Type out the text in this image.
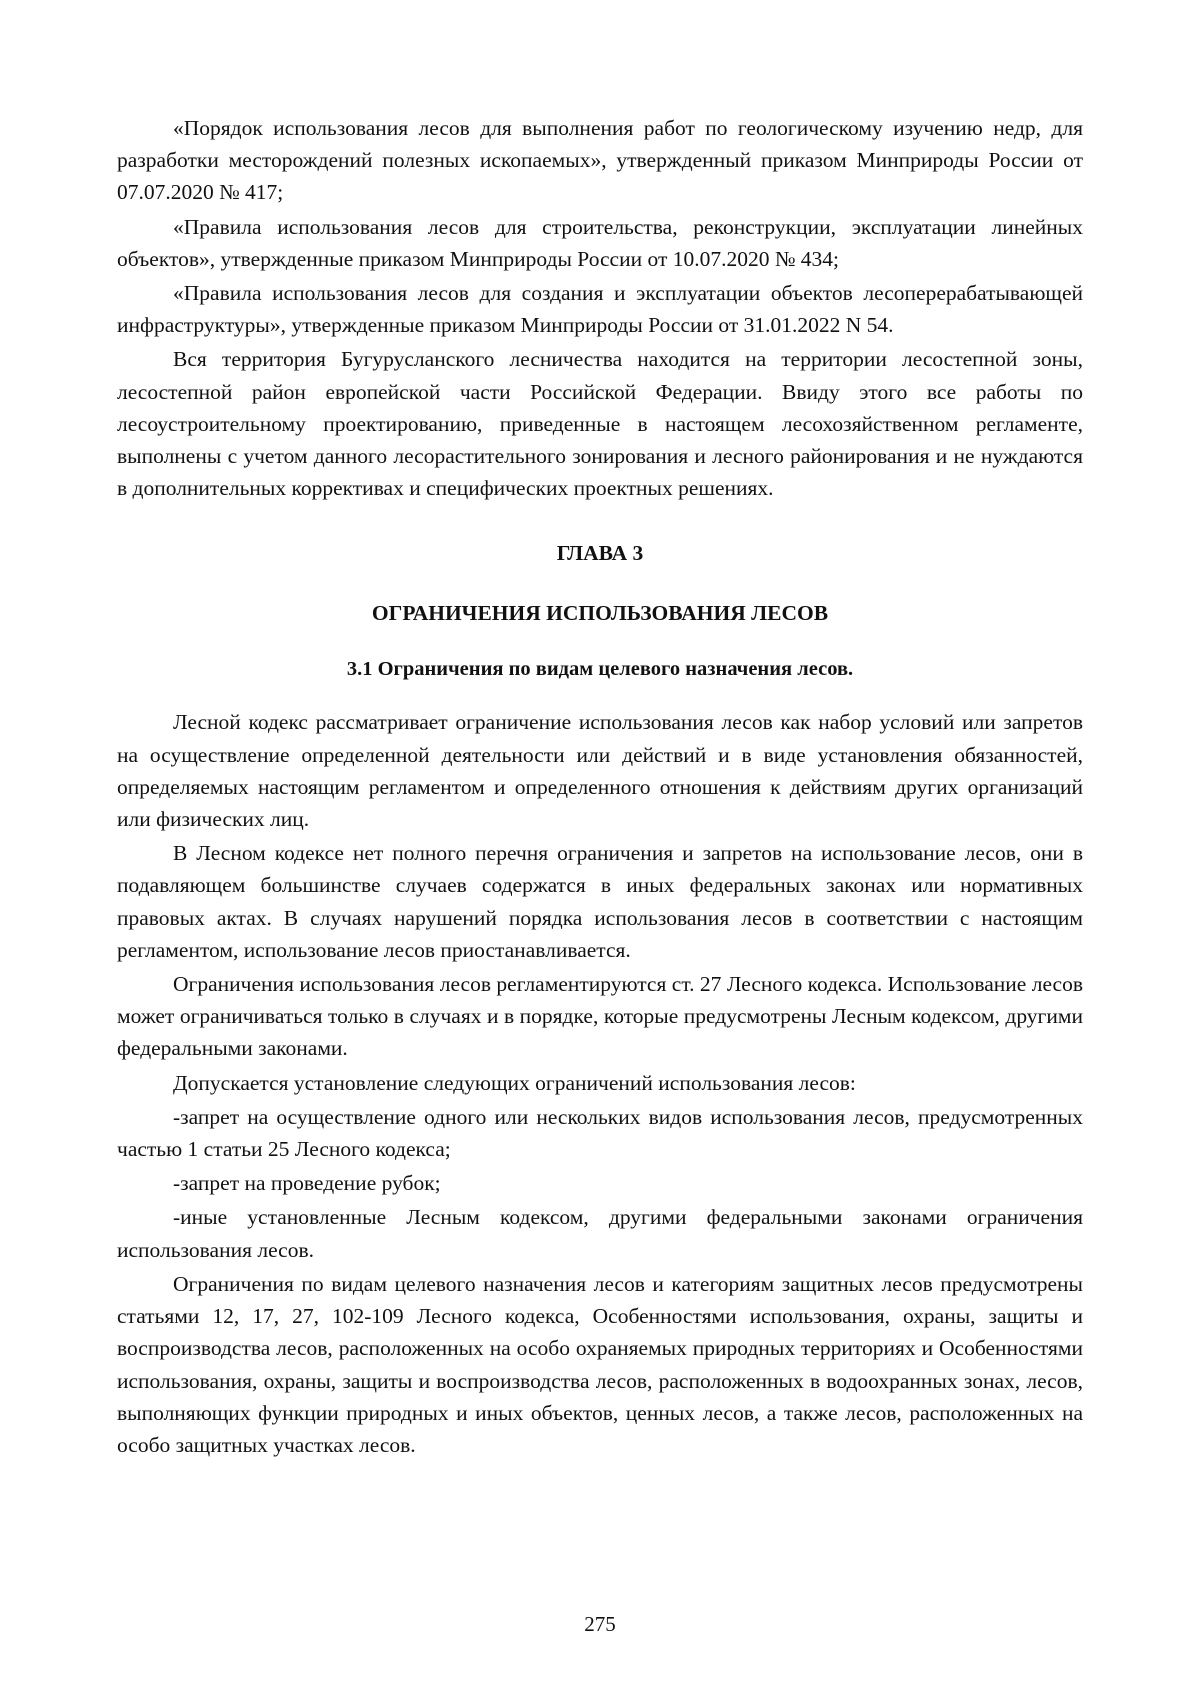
«Порядок использования лесов для выполнения работ по геологическому изучению недр, для разработки месторождений полезных ископаемых», утвержденный приказом Минприроды России от 07.07.2020 № 417;

«Правила использования лесов для строительства, реконструкции, эксплуатации линейных объектов», утвержденные приказом Минприроды России от 10.07.2020 № 434;

«Правила использования лесов для создания и эксплуатации объектов лесоперерабатывающей инфраструктуры», утвержденные приказом Минприроды России от 31.01.2022 N 54.

Вся территория Бугурусланского лесничества находится на территории лесостепной зоны, лесостепной район европейской части Российской Федерации. Ввиду этого все работы по лесоустроительному проектированию, приведенные в настоящем лесохозяйственном регламенте, выполнены с учетом данного лесорастительного зонирования и лесного районирования и не нуждаются в дополнительных коррективах и специфических проектных решениях.

ГЛАВА 3
ОГРАНИЧЕНИЯ ИСПОЛЬЗОВАНИЯ ЛЕСОВ
3.1 Ограничения по видам целевого назначения лесов.

Лесной кодекс рассматривает ограничение использования лесов как набор условий или запретов на осуществление определенной деятельности или действий и в виде установления обязанностей, определяемых настоящим регламентом и определенного отношения к действиям других организаций или физических лиц.

В Лесном кодексе нет полного перечня ограничения и запретов на использование лесов, они в подавляющем большинстве случаев содержатся в иных федеральных законах или нормативных правовых актах. В случаях нарушений порядка использования лесов в соответствии с настоящим регламентом, использование лесов приостанавливается.

Ограничения использования лесов регламентируются ст. 27 Лесного кодекса. Использование лесов может ограничиваться только в случаях и в порядке, которые предусмотрены Лесным кодексом, другими федеральными законами.

Допускается установление следующих ограничений использования лесов:

-запрет на осуществление одного или нескольких видов использования лесов, предусмотренных частью 1 статьи 25 Лесного кодекса;

-запрет на проведение рубок;

-иные установленные Лесным кодексом, другими федеральными законами ограничения использования лесов.

Ограничения по видам целевого назначения лесов и категориям защитных лесов предусмотрены статьями 12, 17, 27, 102-109 Лесного кодекса, Особенностями использования, охраны, защиты и воспроизводства лесов, расположенных на особо охраняемых природных территориях и Особенностями использования, охраны, защиты и воспроизводства лесов, расположенных в водоохранных зонах, лесов, выполняющих функции природных и иных объектов, ценных лесов, а также лесов, расположенных на особо защитных участках лесов.

275
